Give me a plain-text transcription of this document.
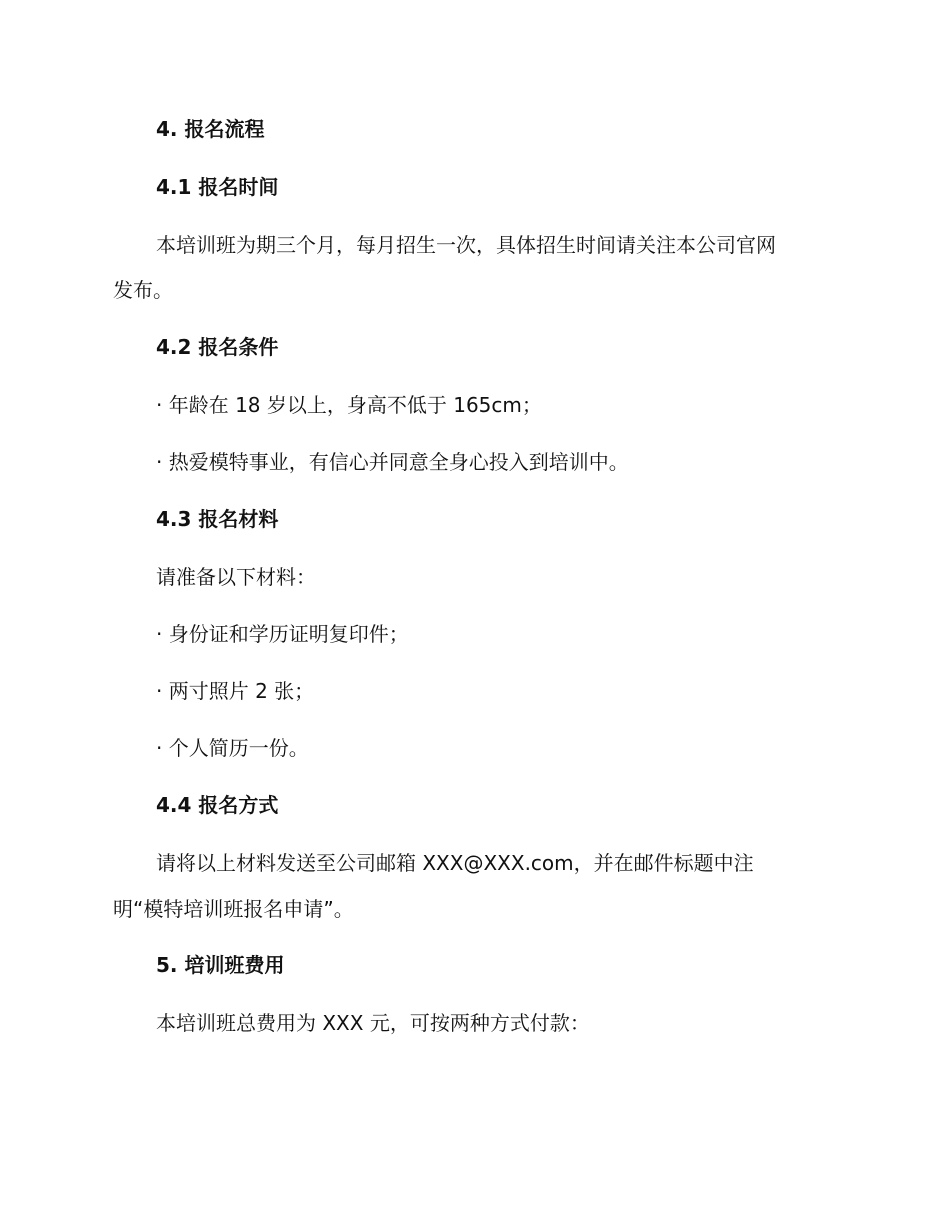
4. 报名流程
4.1 报名时间
本培训班为期三个月，每月招生一次，具体招生时间请关注本公司官网
发布。
4.2 报名条件
· 年龄在 18 岁以上，身高不低于 165cm；
· 热爱模特事业，有信心并同意全身心投入到培训中。
4.3 报名材料
请准备以下材料：
· 身份证和学历证明复印件；
· 两寸照片 2 张；
· 个人简历一份。
4.4 报名方式
请将以上材料发送至公司邮箱 XXX@XXX.com，并在邮件标题中注
明“模特培训班报名申请”。
5. 培训班费用
本培训班总费用为 XXX 元，可按两种方式付款：
